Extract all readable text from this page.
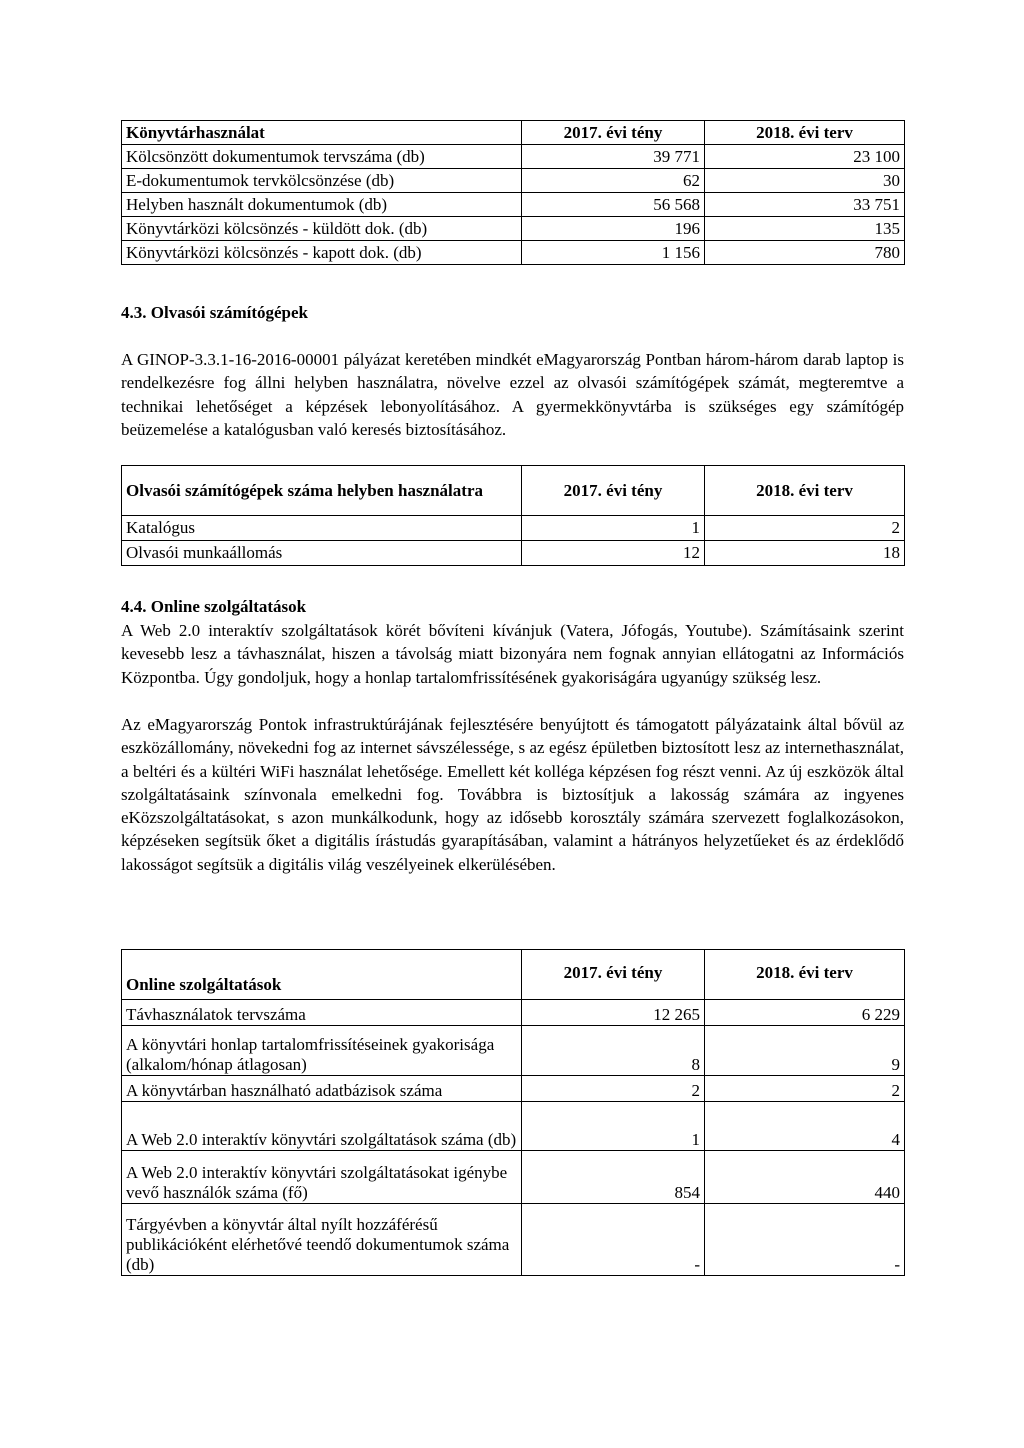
Könyvtárhasználat	2017. évi tény	2018. évi terv
Kölcsönzött dokumentumok tervszáma (db)	39 771	23 100
E-dokumentumok tervkölcsönzése (db)	62	30
Helyben használt dokumentumok (db)	56 568	33 751
Könyvtárközi kölcsönzés - küldött dok. (db)	196	135
Könyvtárközi kölcsönzés - kapott dok. (db)	1 156	780
4.3. Olvasói számítógépek

A GINOP-3.3.1-16-2016-00001 pályázat keretében mindkét eMagyarország Pontban három-három darab laptop is rendelkezésre fog állni helyben használatra, növelve ezzel az olvasói számítógépek számát, megteremtve a technikai lehetőséget a képzések lebonyolításához. A gyermekkönyvtárba is szükséges egy számítógép beüzemelése a katalógusban való keresés biztosításához.

Olvasói számítógépek száma helyben használatra	2017. évi tény	2018. évi terv
Katalógus	1	2
Olvasói munkaállomás	12	18
4.4. Online szolgáltatások

A Web 2.0 interaktív szolgáltatások körét bővíteni kívánjuk (Vatera, Jófogás, Youtube). Számításaink szerint kevesebb lesz a távhasználat, hiszen a távolság miatt bizonyára nem fognak annyian ellátogatni az Információs Központba. Úgy gondoljuk, hogy a honlap tartalomfrissítésének gyakoriságára ugyanúgy szükség lesz.

Az eMagyarország Pontok infrastruktúrájának fejlesztésére benyújtott és támogatott pályázataink által bővül az eszközállomány, növekedni fog az internet sávszélessége, s az egész épületben biztosított lesz az internethasználat, a beltéri és a kültéri WiFi használat lehetősége. Emellett két kolléga képzésen fog részt venni. Az új eszközök által szolgáltatásaink színvonala emelkedni fog. Továbbra is biztosítjuk a lakosság számára az ingyenes eKözszolgáltatásokat, s azon munkálkodunk, hogy az idősebb korosztály számára szervezett foglalkozásokon, képzéseken segítsük őket a digitális írástudás gyarapításában, valamint a hátrányos helyzetűeket és az érdeklődő lakosságot segítsük a digitális világ veszélyeinek elkerülésében.

Online szolgáltatások	2017. évi tény	2018. évi terv
Távhasználatok tervszáma	12 265	6 229
A könyvtári honlap tartalomfrissítéseinek gyakorisága (alkalom/hónap átlagosan)	8	9
A könyvtárban használható adatbázisok száma	2	2
A Web 2.0 interaktív könyvtári szolgáltatások száma (db)	1	4
A Web 2.0 interaktív könyvtári szolgáltatásokat igénybe vevő használók száma (fő)	854	440
Tárgyévben a könyvtár által nyílt hozzáférésű publikációként elérhetővé teendő dokumentumok száma (db)	-	-
